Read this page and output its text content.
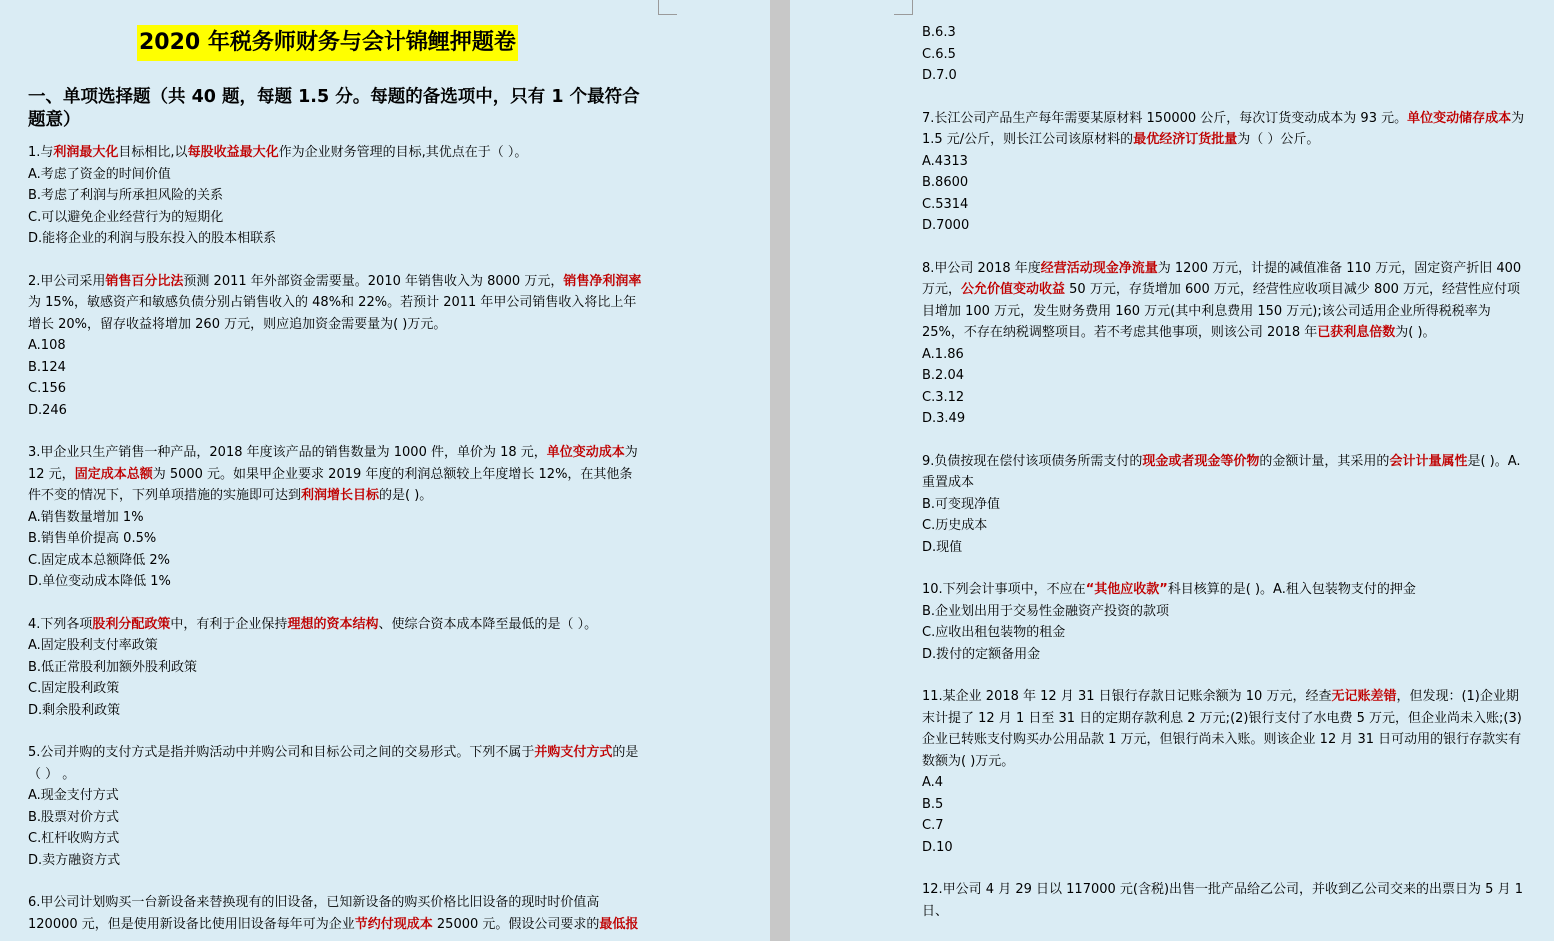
2020 年税务师财务与会计锦鲤押题卷
一、单项选择题（共 40 题，每题 1.5 分。每题的备选项中，只有 1 个最符合题意）
1.与利润最大化目标相比,以每股收益最大化作为企业财务管理的目标,其优点在于（ ）。
A.考虑了资金的时间价值
B.考虑了利润与所承担风险的关系
C.可以避免企业经营行为的短期化
D.能将企业的利润与股东投入的股本相联系
2.甲公司采用销售百分比法预测 2011 年外部资金需要量。2010 年销售收入为 8000 万元，销售净利润率为 15%，敏感资产和敏感负债分别占销售收入的 48%和 22%。若预计 2011 年甲公司销售收入将比上年增长 20%，留存收益将增加 260 万元，则应追加资金需要量为( )万元。
A.108
B.124
C.156
D.246
3.甲企业只生产销售一种产品，2018 年度该产品的销售数量为 1000 件，单价为 18 元，单位变动成本为 12 元，固定成本总额为 5000 元。如果甲企业要求 2019 年度的利润总额较上年度增长 12%，在其他条件不变的情况下，下列单项措施的实施即可达到利润增长目标的是( )。
A.销售数量增加 1%
B.销售单价提高 0.5%
C.固定成本总额降低 2%
D.单位变动成本降低 1%
4.下列各项股利分配政策中，有利于企业保持理想的资本结构、使综合资本成本降至最低的是（ ）。
A.固定股利支付率政策
B.低正常股利加额外股利政策
C.固定股利政策
D.剩余股利政策
5.公司并购的支付方式是指并购活动中并购公司和目标公司之间的交易形式。下列不属于并购支付方式的是 （ ） 。
A.现金支付方式
B.股票对价方式
C.杠杆收购方式
D.卖方融资方式
6.甲公司计划购买一台新设备来替换现有的旧设备，已知新设备的购买价格比旧设备的现时时价值高 120000 元，但是使用新设备比使用旧设备每年可为企业节约付现成本 25000 元。假设公司要求的最低报
B.6.3
C.6.5
D.7.0
7.长江公司产品生产每年需要某原材料 150000 公斤，每次订货变动成本为 93 元。单位变动储存成本为 1.5 元/公斤，则长江公司该原材料的最优经济订货批量为（ ）公斤。
A.4313
B.8600
C.5314
D.7000
8.甲公司 2018 年度经营活动现金净流量为 1200 万元，计提的减值准备 110 万元，固定资产折旧 400 万元，公允价值变动收益 50 万元，存货增加 600 万元，经营性应收项目减少 800 万元，经营性应付项目增加 100 万元，发生财务费用 160 万元(其中利息费用 150 万元);该公司适用企业所得税税率为 25%，不存在纳税调整项目。若不考虑其他事项，则该公司 2018 年已获利息倍数为( )。
A.1.86
B.2.04
C.3.12
D.3.49
9.负债按现在偿付该项债务所需支付的现金或者现金等价物的金额计量，其采用的会计计量属性是( )。A.重置成本
B.可变现净值
C.历史成本
D.现值
10.下列会计事项中，不应在“其他应收款”科目核算的是( )。A.租入包装物支付的押金
B.企业划出用于交易性金融资产投资的款项
C.应收出租包装物的租金
D.拨付的定额备用金
11.某企业 2018 年 12 月 31 日银行存款日记账余额为 10 万元，经查无记账差错，但发现：(1)企业期末计提了 12 月 1 日至 31 日的定期存款利息 2 万元;(2)银行支付了水电费 5 万元，但企业尚未入账;(3)企业已转账支付购买办公用品款 1 万元，但银行尚未入账。则该企业 12 月 31 日可动用的银行存款实有数额为( )万元。
A.4
B.5
C.7
D.10
12.甲公司 4 月 29 日以 117000 元(含税)出售一批产品给乙公司，并收到乙公司交来的出票日为 5 月 1 日、
